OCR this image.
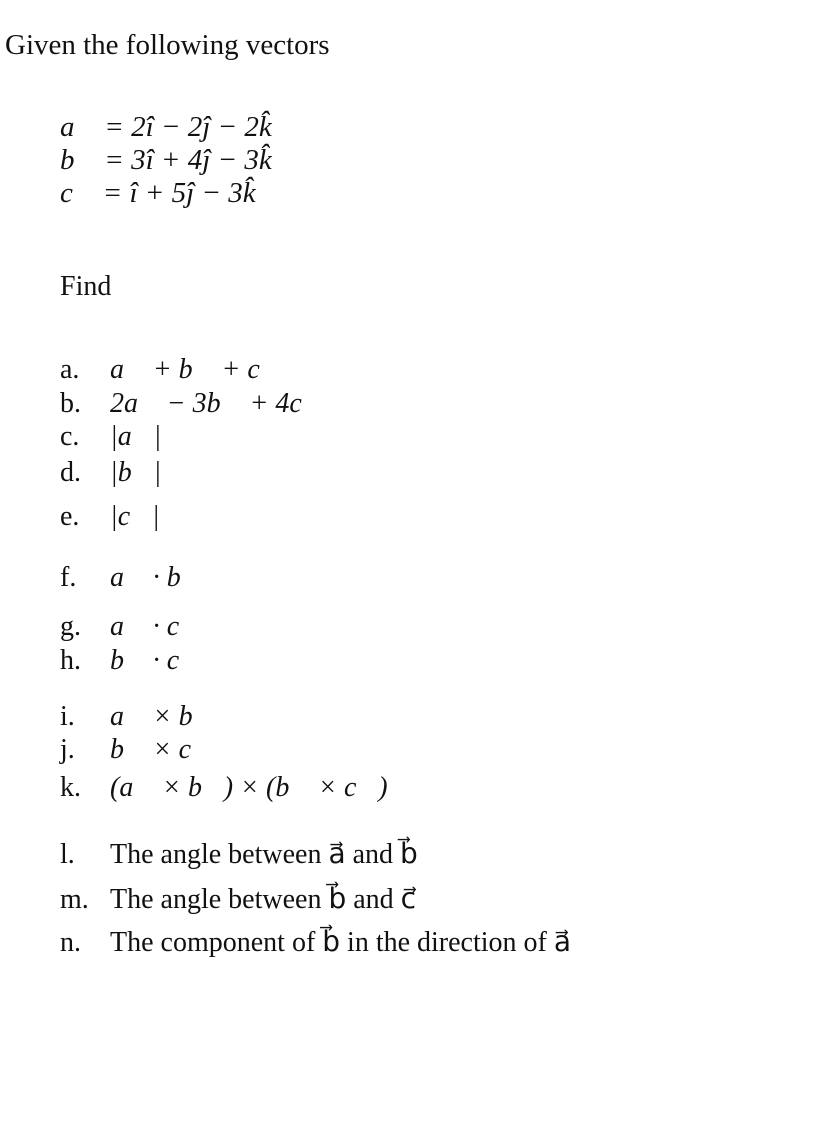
Given the following vectors
a⃗ = 2î − 2ĵ − 2k̂
b⃗ = 3î + 4ĵ − 3k̂
c⃗ = î + 5ĵ − 3k̂
Find
a. a⃗ + b⃗ + c⃗
b. 2a⃗ − 3b⃗ + 4c⃗
c. |a⃗|
d. |b⃗|
e. |c⃗|
f. a⃗ · b⃗
g. a⃗ · c⃗
h. b⃗ · c⃗
i. a⃗ × b⃗
j. b⃗ × c⃗
k. (a⃗ × b⃗) × (b⃗ × c⃗)
l. The angle between a⃗ and b⃗
m. The angle between b⃗ and c⃗
n. The component of b⃗ in the direction of a⃗
